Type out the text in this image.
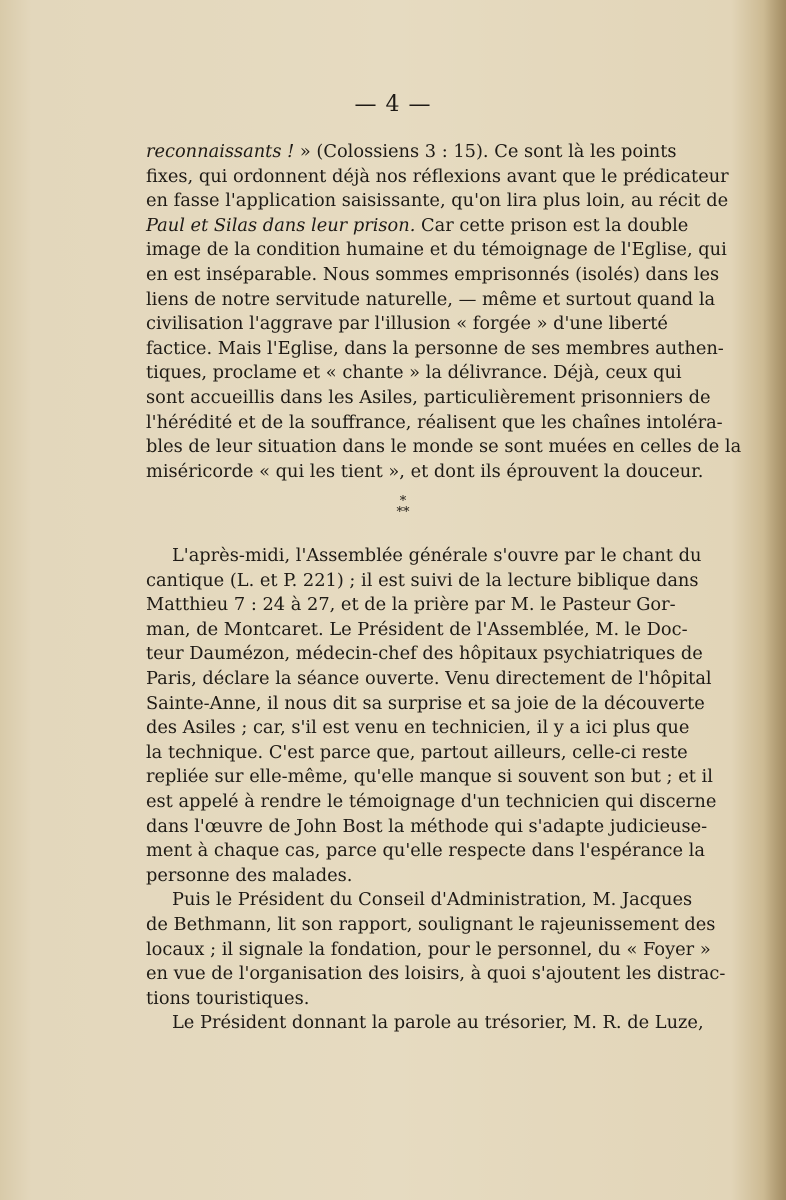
— 4 —
reconnaissants ! » (Colossiens 3 : 15). Ce sont là les points
fixes, qui ordonnent déjà nos réflexions avant que le prédicateur
en fasse l'application saisissante, qu'on lira plus loin, au récit de
Paul et Silas dans leur prison. Car cette prison est la double
image de la condition humaine et du témoignage de l'Eglise, qui
en est inséparable. Nous sommes emprisonnés (isolés) dans les
liens de notre servitude naturelle, — même et surtout quand la
civilisation l'aggrave par l'illusion « forgée » d'une liberté
factice. Mais l'Eglise, dans la personne de ses membres authen-
tiques, proclame et « chante » la délivrance. Déjà, ceux qui
sont accueillis dans les Asiles, particulièrement prisonniers de
l'hérédité et de la souffrance, réalisent que les chaînes intoléra-
bles de leur situation dans le monde se sont muées en celles de la
miséricorde « qui les tient », et dont ils éprouvent la douceur.
*
**
L'après-midi, l'Assemblée générale s'ouvre par le chant du
cantique (L. et P. 221) ; il est suivi de la lecture biblique dans
Matthieu 7 : 24 à 27, et de la prière par M. le Pasteur Gor-
man, de Montcaret. Le Président de l'Assemblée, M. le Doc-
teur Daumézon, médecin-chef des hôpitaux psychiatriques de
Paris, déclare la séance ouverte. Venu directement de l'hôpital
Sainte-Anne, il nous dit sa surprise et sa joie de la découverte
des Asiles ; car, s'il est venu en technicien, il y a ici plus que
la technique. C'est parce que, partout ailleurs, celle-ci reste
repliée sur elle-même, qu'elle manque si souvent son but ; et il
est appelé à rendre le témoignage d'un technicien qui discerne
dans l'œuvre de John Bost la méthode qui s'adapte judicieuse-
ment à chaque cas, parce qu'elle respecte dans l'espérance la
personne des malades.
Puis le Président du Conseil d'Administration, M. Jacques
de Bethmann, lit son rapport, soulignant le rajeunissement des
locaux ; il signale la fondation, pour le personnel, du « Foyer »
en vue de l'organisation des loisirs, à quoi s'ajoutent les distrac-
tions touristiques.
Le Président donnant la parole au trésorier, M. R. de Luze,
